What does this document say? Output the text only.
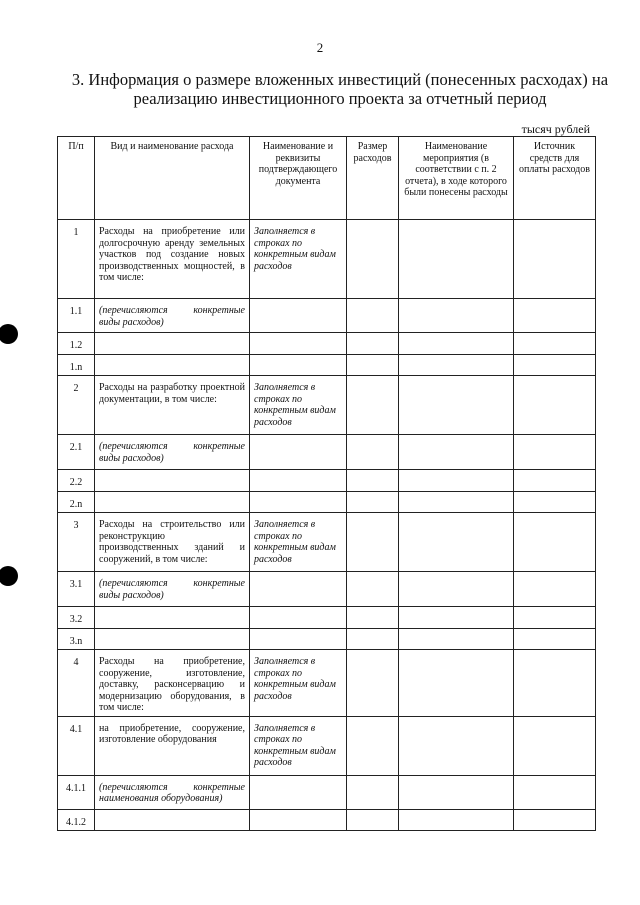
2
3. Информация о размере вложенных инвестиций (понесенных расходах) на реализацию инвестиционного проекта за отчетный период
тысяч рублей
П/п	Вид и наименование расхода	Наименование и реквизиты подтверждающего документа	Размер расходов	Наименование мероприятия (в соответствии с п. 2 отчета), в ходе которого были понесены расходы	Источник средств для оплаты расходов
1	Расходы на приобретение или долгосрочную аренду земельных участков под создание новых производственных мощностей, в том числе:	Заполняется в строках по конкретным видам расходов			
1.1	(перечисляются конкретные виды расходов)				
1.2					
1.n					
2	Расходы на разработку проектной документации, в том числе:	Заполняется в строках по конкретным видам расходов			
2.1	(перечисляются конкретные виды расходов)				
2.2					
2.n					
3	Расходы на строительство или реконструкцию производственных зданий и сооружений, в том числе:	Заполняется в строках по конкретным видам расходов			
3.1	(перечисляются конкретные виды расходов)				
3.2					
3.n					
4	Расходы на приобретение, сооружение, изготовление, доставку, расконсервацию и модернизацию оборудования, в том числе:	Заполняется в строках по конкретным видам расходов			
4.1	на приобретение, сооружение, изготовление оборудования	Заполняется в строках по конкретным видам расходов			
4.1.1	(перечисляются конкретные наименования оборудования)				
4.1.2					
